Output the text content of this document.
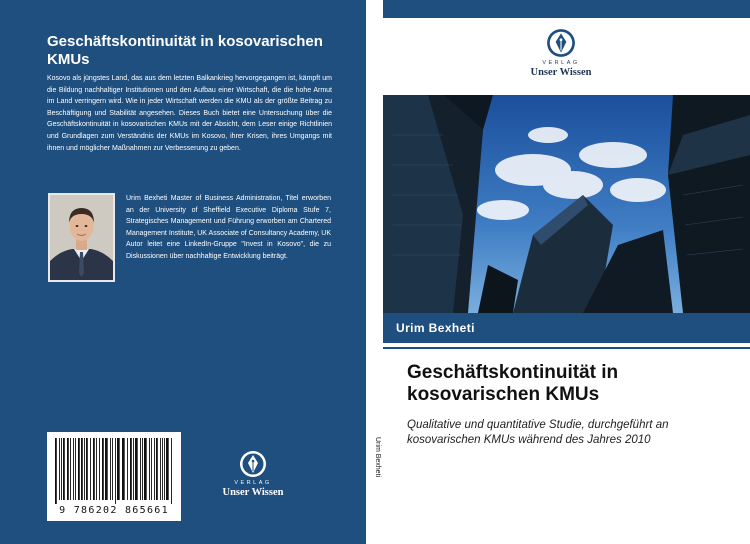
Geschäftskontinuität in kosovarischen KMUs
Kosovo als jüngstes Land, das aus dem letzten Balkankrieg hervorgegangen ist, kämpft um die Bildung nachhaltiger Institutionen und den Aufbau einer Wirtschaft, die die hohe Armut im Land verringern wird. Wie in jeder Wirtschaft werden die KMU als der größte Beitrag zu Beschäftigung und Stabilität angesehen. Dieses Buch bietet eine Untersuchung über die Geschäftskontinuität in kosovarischen KMUs mit der Absicht, dem Leser einige Richtlinien und Grundlagen zum Verständnis der KMUs im Kosovo, ihrer Krisen, ihres Umgangs mit ihnen und möglicher Maßnahmen zur Verbesserung zu geben.
Urim Bexheti Master of Business Administration, Titel erworben an der University of Sheffield Executive Diploma Stufe 7, Strategisches Management und Führung erworben am Chartered Management Institute, UK Associate of Consultancy Academy, UK Autor leitet eine LinkedIn-Gruppe "Invest in Kosovo", die zu Diskussionen über nachhaltige Entwicklung beiträgt.
9 786202 865661
VERLAG
Unser Wissen
Urim Bexheti
VERLAG
Unser Wissen
Urim Bexheti
Geschäftskontinuität in kosovarischen KMUs
Qualitative und quantitative Studie, durchgeführt an kosovarischen KMUs während des Jahres 2010
